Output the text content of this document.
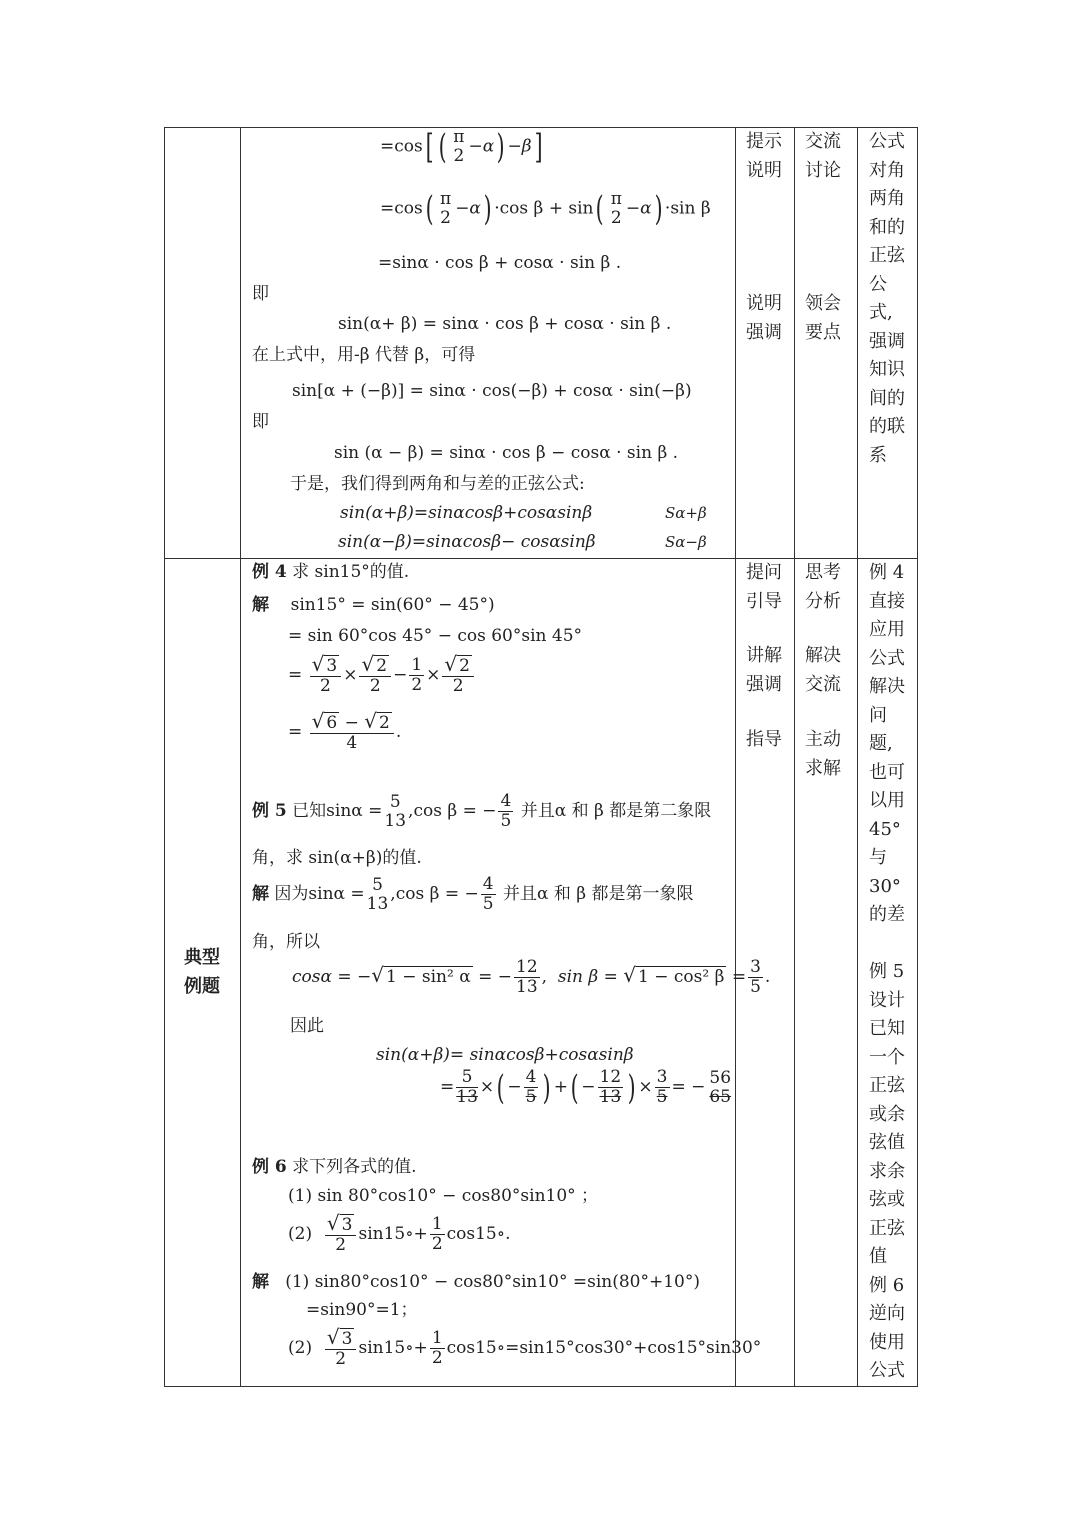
=cos[ ( π
2 −α) −β]
=cos( π
2 −α) ·cos β + sin( π
2 −α) ·sin β
=sinα · cos β + cosα · sin β .
即
sin(α+ β) = sinα · cos β + cosα · sin β .
在上式中，用-β 代替 β，可得
sin[α + (−β)] = sinα · cos(−β) + cosα · sin(−β)
即
sin (α − β) = sinα · cos β − cosα · sin β .
于是，我们得到两角和与差的正弦公式:
sin(α+β)=sinαcosβ+cosαsinβ	Sα+β
sin(α−β)=sinαcosβ− cosαsinβ	Sα−β
提示
说明
说明
强调
交流
讨论
领会
要点
公式
对角
两角
和的
正弦
公
式,
强调
知识
间的
的联
系
典型
例题
提问
引导
讲解
强调
指导
思考
分析
解决
交流
主动
求解
例 4
直接
应用
公式
解决
问
题,
也可
以用
45°
与
30°
的差

例 5
设计
已知
一个
正弦
或余
弦值
求余
弦或
正弦
值
例 6
逆向
使用
公式
例 4 求 sin15°的值.
解 sin15° = sin(60° − 45°)
= sin 60°cos 45° − cos 60°sin 45°
= $\frac{√ 3}{2} \times \frac{√ 2}{2} - \frac{1}{2} \times \frac{√ 2}{2}$
= $\frac{√ 6 - √ 2}{4}$ .
例 5 已知sinα = 5
13 ,cos β = − $\frac{4}{5}$ 并且α 和 β 都是第二象限
角，求 sin(α+β)的值.
解 因为sinα = 5
13 ,cos β = − $\frac{4}{5}$ 并且α 和 β 都是第一象限
角，所以
cosα = −√ 1 − sin² α = − $\frac{12}{13}$ ,  sin β = √ 1 − cos² $\beta = \frac{3}{5}$ .
因此
sin(α+β)= sinαcosβ+cosαsinβ
= $\frac{5}{13}$ ×( − $\frac{4}{5}$ ) +( − $\frac{12}{13}$ ) × $\frac{3}{5}$ = − 56
65
例 6 求下列各式的值.
(1) sin 80°cos10° − cos80°sin10° ；
$(2) \frac{√ 3}{2}$ sin15∘+ $\frac{1}{2}$ cos15∘.
解 (1) sin80°cos10° − cos80°sin10° =sin(80°+10°)
=sin90°=1；
$(2) \frac{√ 3}{2}$ sin15∘+ $\frac{1}{2}$ cos15∘=sin15°cos30°+cos15°sin30°
